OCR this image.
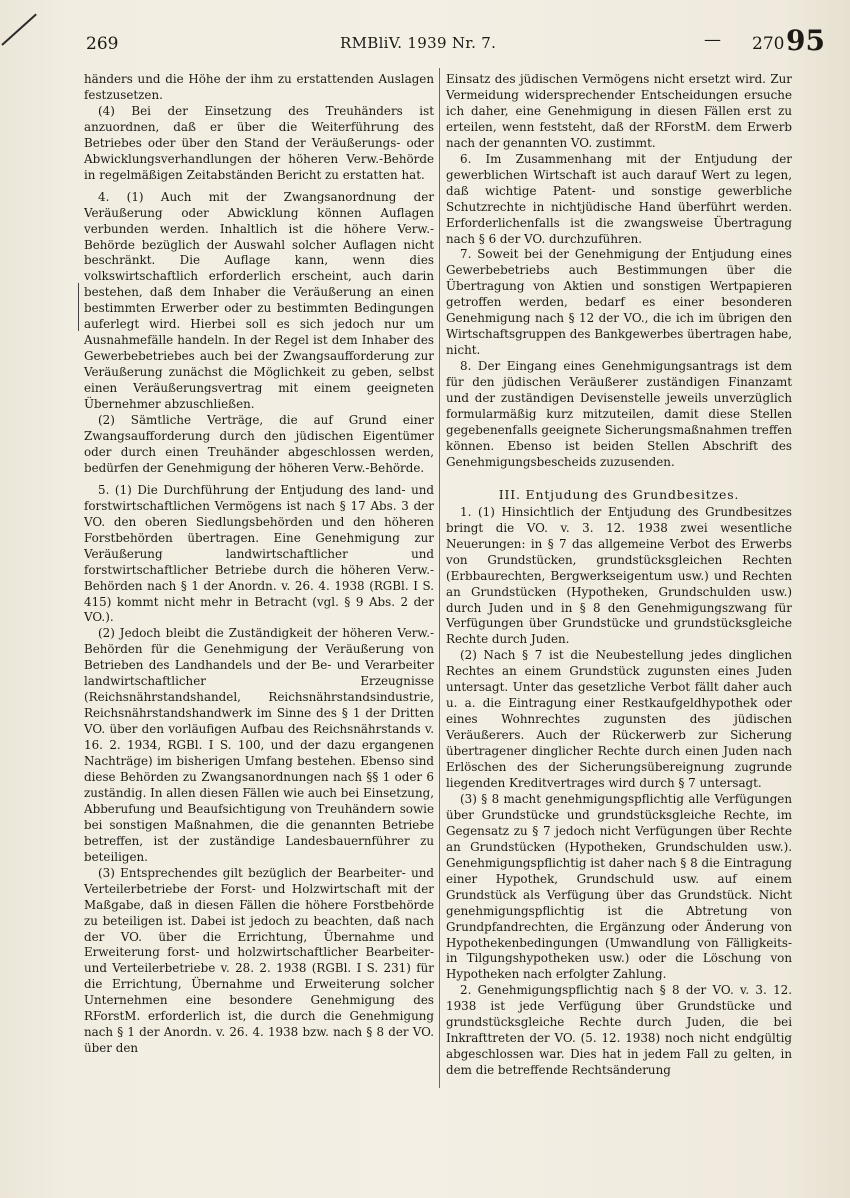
269	RMBliV. 1939 Nr. 7.	— 270 95

händers und die Höhe der ihm zu erstattenden Auslagen festzusetzen.

(4) Bei der Einsetzung des Treuhänders ist anzuordnen, daß er über die Weiterführung des Betriebes oder über den Stand der Veräußerungs- oder Abwicklungsverhandlungen der höheren Verw.-Behörde in regelmäßigen Zeitabständen Bericht zu erstatten hat.

4. (1) Auch mit der Zwangsanordnung der Veräußerung oder Abwicklung können Auflagen verbunden werden. Inhaltlich ist die höhere Verw.-Behörde bezüglich der Auswahl solcher Auflagen nicht beschränkt. Die Auflage kann, wenn dies volkswirtschaftlich erforderlich erscheint, auch darin bestehen, daß dem Inhaber die Veräußerung an einen bestimmten Erwerber oder zu bestimmten Bedingungen auferlegt wird. Hierbei soll es sich jedoch nur um Ausnahmefälle handeln. In der Regel ist dem Inhaber des Gewerbebetriebes auch bei der Zwangsaufforderung zur Veräußerung zunächst die Möglichkeit zu geben, selbst einen Veräußerungsvertrag mit einem geeigneten Übernehmer abzuschließen.

(2) Sämtliche Verträge, die auf Grund einer Zwangsaufforderung durch den jüdischen Eigentümer oder durch einen Treuhänder abgeschlossen werden, bedürfen der Genehmigung der höheren Verw.-Behörde.

5. (1) Die Durchführung der Entjudung des land- und forstwirtschaftlichen Vermögens ist nach § 17 Abs. 3 der VO. den oberen Siedlungsbehörden und den höheren Forstbehörden übertragen. Eine Genehmigung zur Veräußerung landwirtschaftlicher und forstwirtschaftlicher Betriebe durch die höheren Verw.-Behörden nach § 1 der Anordn. v. 26. 4. 1938 (RGBl. I S. 415) kommt nicht mehr in Betracht (vgl. § 9 Abs. 2 der VO.).

(2) Jedoch bleibt die Zuständigkeit der höheren Verw.-Behörden für die Genehmigung der Veräußerung von Betrieben des Landhandels und der Be- und Verarbeiter landwirtschaftlicher Erzeugnisse (Reichsnährstandshandel, Reichsnährstandsindustrie, Reichsnährstandshandwerk im Sinne des § 1 der Dritten VO. über den vorläufigen Aufbau des Reichsnährstands v. 16. 2. 1934, RGBl. I S. 100, und der dazu ergangenen Nachträge) im bisherigen Umfang bestehen. Ebenso sind diese Behörden zu Zwangsanordnungen nach §§ 1 oder 6 zuständig. In allen diesen Fällen wie auch bei Einsetzung, Abberufung und Beaufsichtigung von Treuhändern sowie bei sonstigen Maßnahmen, die die genannten Betriebe betreffen, ist der zuständige Landesbauernführer zu beteiligen.

(3) Entsprechendes gilt bezüglich der Bearbeiter- und Verteilerbetriebe der Forst- und Holzwirtschaft mit der Maßgabe, daß in diesen Fällen die höhere Forstbehörde zu beteiligen ist. Dabei ist jedoch zu beachten, daß nach der VO. über die Errichtung, Übernahme und Erweiterung forst- und holzwirtschaftlicher Bearbeiter- und Verteilerbetriebe v. 28. 2. 1938 (RGBl. I S. 231) für die Errichtung, Übernahme und Erweiterung solcher Unternehmen eine besondere Genehmigung des RForstM. erforderlich ist, die durch die Genehmigung nach § 1 der Anordn. v. 26. 4. 1938 bzw. nach § 8 der VO. über den

Einsatz des jüdischen Vermögens nicht ersetzt wird. Zur Vermeidung widersprechender Entscheidungen ersuche ich daher, eine Genehmigung in diesen Fällen erst zu erteilen, wenn feststeht, daß der RForstM. dem Erwerb nach der genannten VO. zustimmt.

6. Im Zusammenhang mit der Entjudung der gewerblichen Wirtschaft ist auch darauf Wert zu legen, daß wichtige Patent- und sonstige gewerbliche Schutzrechte in nichtjüdische Hand überführt werden. Erforderlichenfalls ist die zwangsweise Übertragung nach § 6 der VO. durchzuführen.

7. Soweit bei der Genehmigung der Entjudung eines Gewerbebetriebs auch Bestimmungen über die Übertragung von Aktien und sonstigen Wertpapieren getroffen werden, bedarf es einer besonderen Genehmigung nach § 12 der VO., die ich im übrigen den Wirtschaftsgruppen des Bankgewerbes übertragen habe, nicht.

8. Der Eingang eines Genehmigungsantrags ist dem für den jüdischen Veräußerer zuständigen Finanzamt und der zuständigen Devisenstelle jeweils unverzüglich formularmäßig kurz mitzuteilen, damit diese Stellen gegebenenfalls geeignete Sicherungsmaßnahmen treffen können. Ebenso ist beiden Stellen Abschrift des Genehmigungsbescheids zuzusenden.

III. Entjudung des Grundbesitzes.

1. (1) Hinsichtlich der Entjudung des Grundbesitzes bringt die VO. v. 3. 12. 1938 zwei wesentliche Neuerungen: in § 7 das allgemeine Verbot des Erwerbs von Grundstücken, grundstücksgleichen Rechten (Erbbaurechten, Bergwerkseigentum usw.) und Rechten an Grundstücken (Hypotheken, Grundschulden usw.) durch Juden und in § 8 den Genehmigungszwang für Verfügungen über Grundstücke und grundstücksgleiche Rechte durch Juden.

(2) Nach § 7 ist die Neubestellung jedes dinglichen Rechtes an einem Grundstück zugunsten eines Juden untersagt. Unter das gesetzliche Verbot fällt daher auch u. a. die Eintragung einer Restkaufgeldhypothek oder eines Wohnrechtes zugunsten des jüdischen Veräußerers. Auch der Rückerwerb zur Sicherung übertragener dinglicher Rechte durch einen Juden nach Erlöschen des der Sicherungsübereignung zugrunde liegenden Kreditvertrages wird durch § 7 untersagt.

(3) § 8 macht genehmigungspflichtig alle Verfügungen über Grundstücke und grundstücksgleiche Rechte, im Gegensatz zu § 7 jedoch nicht Verfügungen über Rechte an Grundstücken (Hypotheken, Grundschulden usw.). Genehmigungspflichtig ist daher nach § 8 die Eintragung einer Hypothek, Grundschuld usw. auf einem Grundstück als Verfügung über das Grundstück. Nicht genehmigungspflichtig ist die Abtretung von Grundpfandrechten, die Ergänzung oder Änderung von Hypothekenbedingungen (Umwandlung von Fälligkeits- in Tilgungshypotheken usw.) oder die Löschung von Hypotheken nach erfolgter Zahlung.

2. Genehmigungspflichtig nach § 8 der VO. v. 3. 12. 1938 ist jede Verfügung über Grundstücke und grundstücksgleiche Rechte durch Juden, die bei Inkrafttreten der VO. (5. 12. 1938) noch nicht endgültig abgeschlossen war. Dies hat in jedem Fall zu gelten, in dem die betreffende Rechtsänderung
